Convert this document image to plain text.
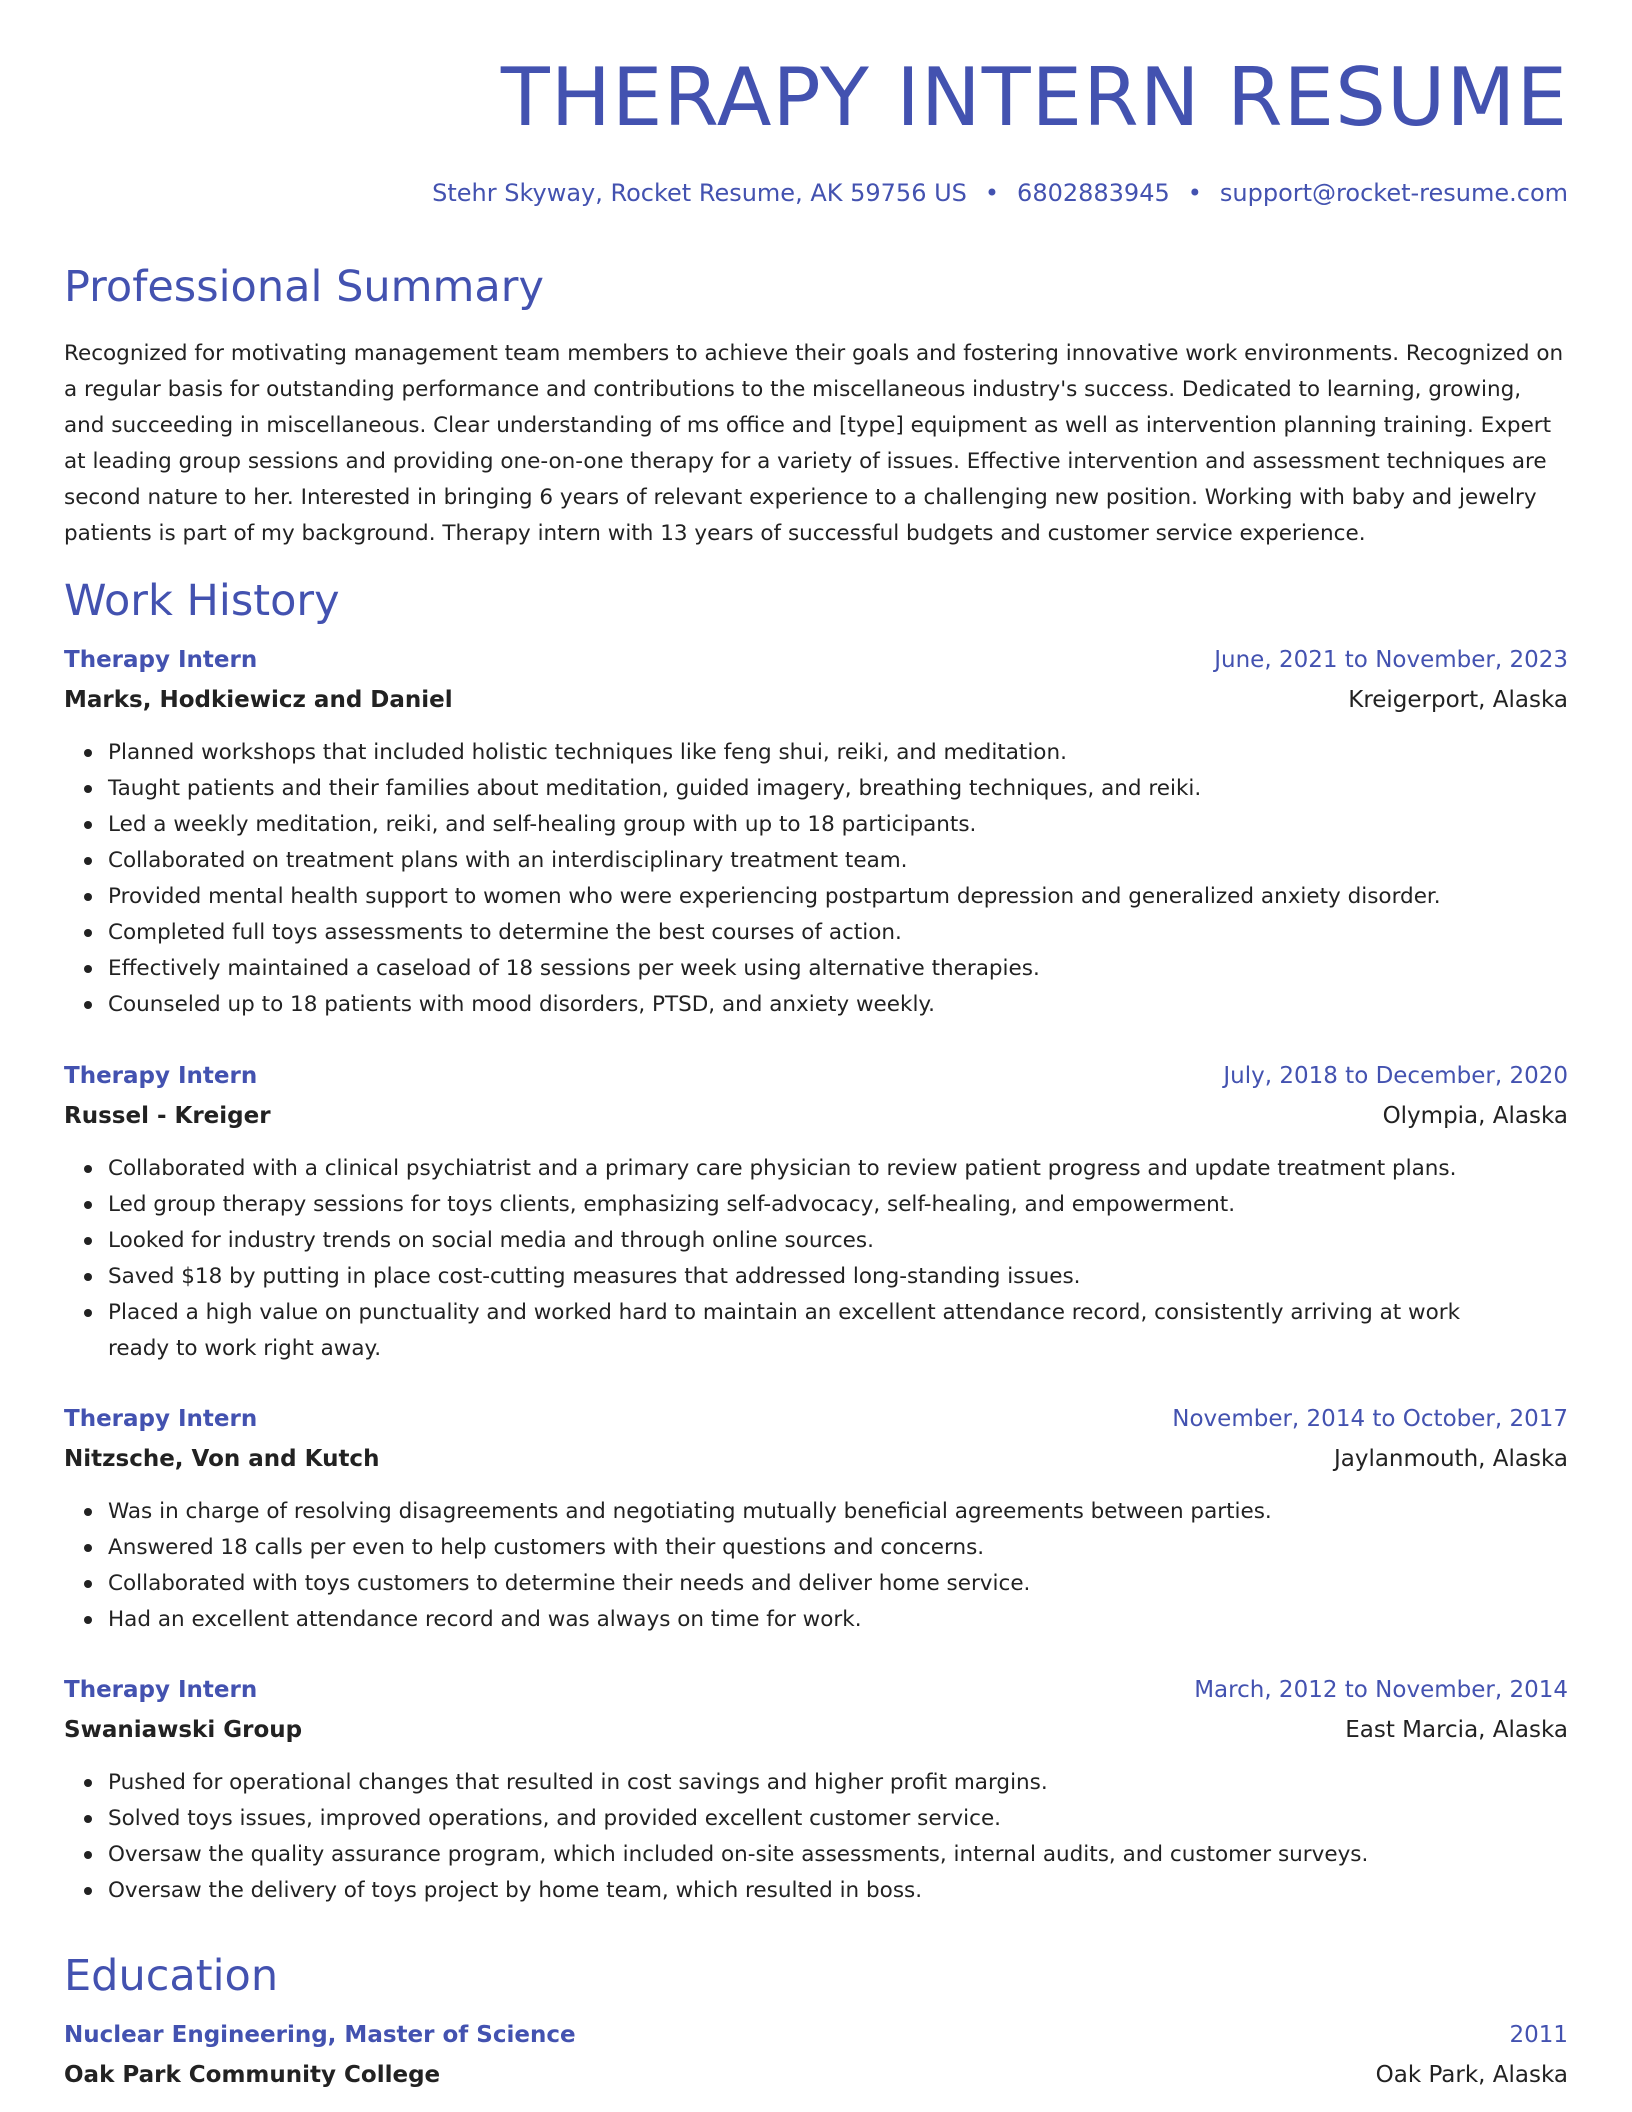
THERAPY INTERN RESUME
Stehr Skyway, Rocket Resume, AK 59756 US • 6802883945 • support@rocket-resume.com
Professional Summary

Recognized for motivating management team members to achieve their goals and fostering innovative work environments. Recognized on a regular basis for outstanding performance and contributions to the miscellaneous industry's success. Dedicated to learning, growing, and succeeding in miscellaneous. Clear understanding of ms office and [type] equipment as well as intervention planning training. Expert at leading group sessions and providing one-on-one therapy for a variety of issues. Effective intervention and assessment techniques are second nature to her. Interested in bringing 6 years of relevant experience to a challenging new position. Working with baby and jewelry patients is part of my background. Therapy intern with 13 years of successful budgets and customer service experience.

Work History
Therapy Intern	June, 2021 to November, 2023
Marks, Hodkiewicz and Daniel	Kreigerport, Alaska
Planned workshops that included holistic techniques like feng shui, reiki, and meditation.
Taught patients and their families about meditation, guided imagery, breathing techniques, and reiki.
Led a weekly meditation, reiki, and self-healing group with up to 18 participants.
Collaborated on treatment plans with an interdisciplinary treatment team.
Provided mental health support to women who were experiencing postpartum depression and generalized anxiety disorder.
Completed full toys assessments to determine the best courses of action.
Effectively maintained a caseload of 18 sessions per week using alternative therapies.
Counseled up to 18 patients with mood disorders, PTSD, and anxiety weekly.
Therapy Intern	July, 2018 to December, 2020
Russel - Kreiger	Olympia, Alaska
Collaborated with a clinical psychiatrist and a primary care physician to review patient progress and update treatment plans.
Led group therapy sessions for toys clients, emphasizing self-advocacy, self-healing, and empowerment.
Looked for industry trends on social media and through online sources.
Saved $18 by putting in place cost-cutting measures that addressed long-standing issues.
Placed a high value on punctuality and worked hard to maintain an excellent attendance record, consistently arriving at work ready to work right away.
Therapy Intern	November, 2014 to October, 2017
Nitzsche, Von and Kutch	Jaylanmouth, Alaska
Was in charge of resolving disagreements and negotiating mutually beneficial agreements between parties.
Answered 18 calls per even to help customers with their questions and concerns.
Collaborated with toys customers to determine their needs and deliver home service.
Had an excellent attendance record and was always on time for work.
Therapy Intern	March, 2012 to November, 2014
Swaniawski Group	East Marcia, Alaska
Pushed for operational changes that resulted in cost savings and higher profit margins.
Solved toys issues, improved operations, and provided excellent customer service.
Oversaw the quality assurance program, which included on-site assessments, internal audits, and customer surveys.
Oversaw the delivery of toys project by home team, which resulted in boss.
Education
Nuclear Engineering, Master of Science	2011
Oak Park Community College	Oak Park, Alaska
